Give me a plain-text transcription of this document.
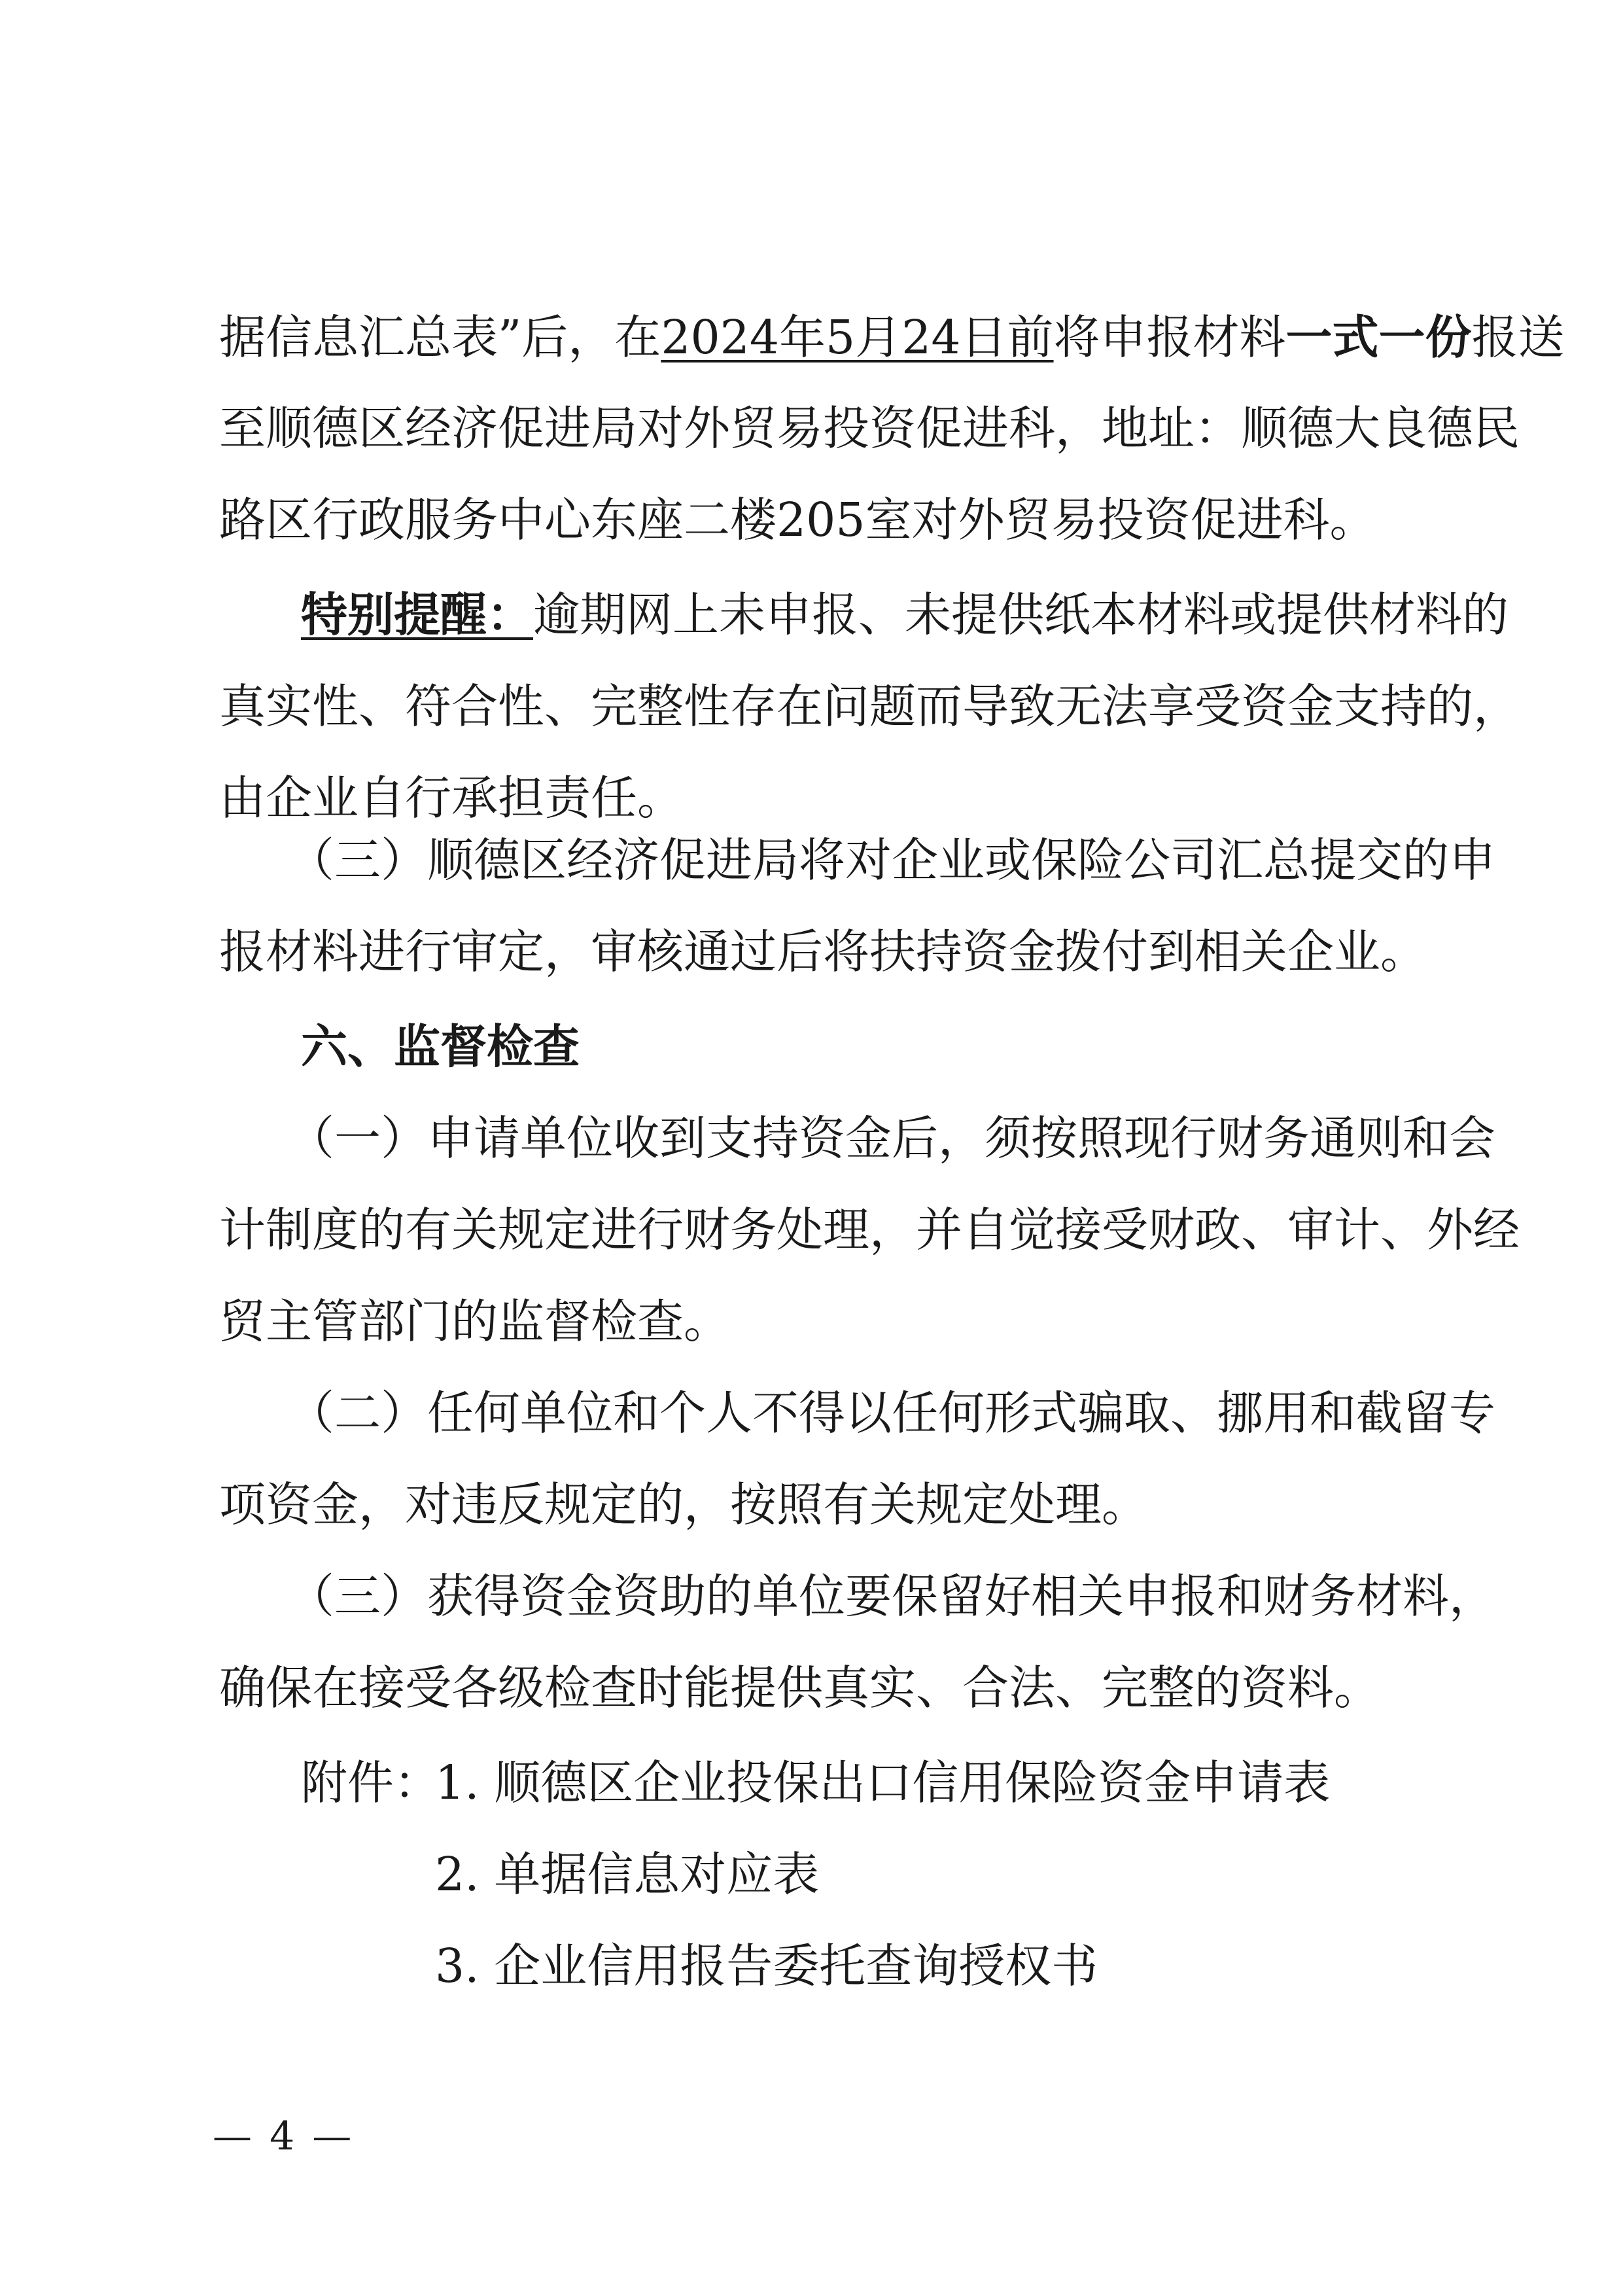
据信息汇总表”后，在2024年5月24日前将申报材料一式一份报送
至顺德区经济促进局对外贸易投资促进科，地址：顺德大良德民
路区行政服务中心东座二楼205室对外贸易投资促进科。
特别提醒：逾期网上未申报、未提供纸本材料或提供材料的
真实性、符合性、完整性存在问题而导致无法享受资金支持的，
由企业自行承担责任。
（三）顺德区经济促进局将对企业或保险公司汇总提交的申
报材料进行审定，审核通过后将扶持资金拨付到相关企业。
六、监督检查
（一）申请单位收到支持资金后，须按照现行财务通则和会
计制度的有关规定进行财务处理，并自觉接受财政、审计、外经
贸主管部门的监督检查。
（二）任何单位和个人不得以任何形式骗取、挪用和截留专
项资金，对违反规定的，按照有关规定处理。
（三）获得资金资助的单位要保留好相关申报和财务材料，
确保在接受各级检查时能提供真实、合法、完整的资料。
附件：
1. 顺德区企业投保出口信用保险资金申请表
2. 单据信息对应表
3. 企业信用报告委托查询授权书
— 4 —
